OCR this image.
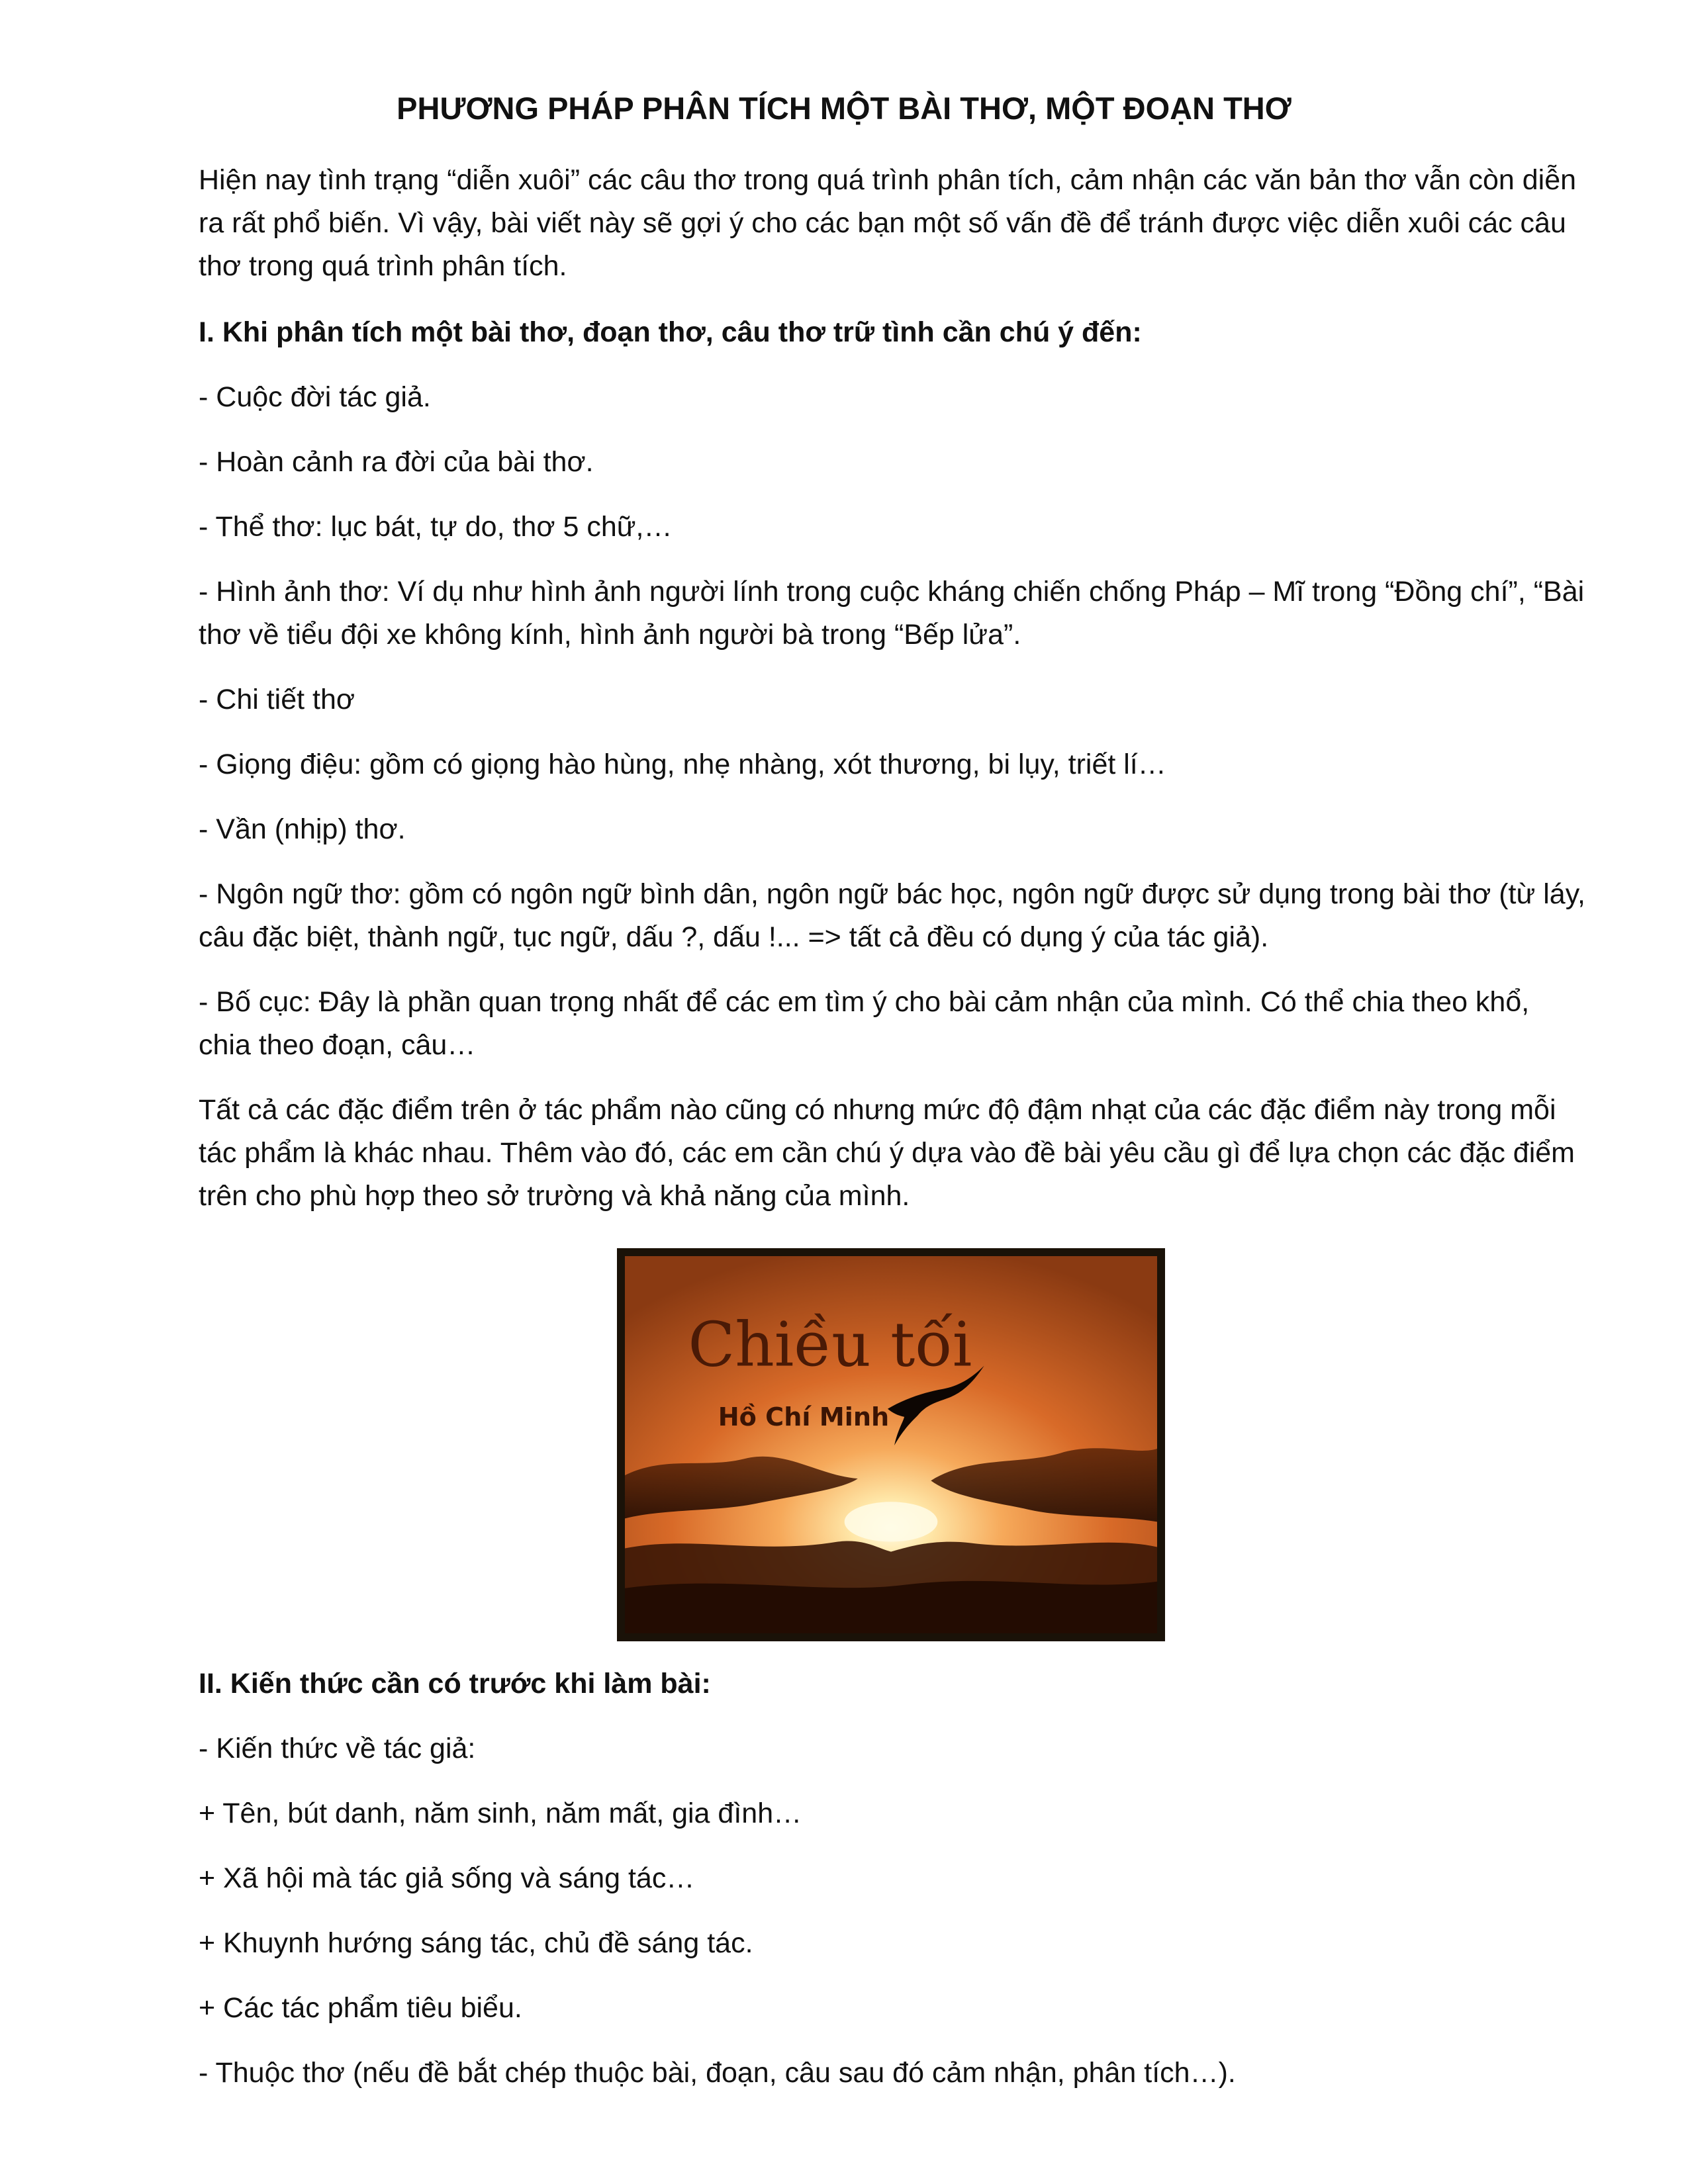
PHƯƠNG PHÁP PHÂN TÍCH MỘT BÀI THƠ, MỘT ĐOẠN THƠ
Hiện nay tình trạng “diễn xuôi” các câu thơ trong quá trình phân tích, cảm nhận các văn bản thơ vẫn còn diễn ra rất phổ biến. Vì vậy, bài viết này sẽ gợi ý cho các bạn một số vấn đề để tránh được việc diễn xuôi các câu thơ trong quá trình phân tích.
I. Khi phân tích một bài thơ, đoạn thơ, câu thơ trữ tình cần chú ý đến:
- Cuộc đời tác giả.
- Hoàn cảnh ra đời của bài thơ.
- Thể thơ: lục bát, tự do, thơ 5 chữ,…
- Hình ảnh thơ: Ví dụ như hình ảnh người lính trong cuộc kháng chiến chống Pháp – Mĩ trong “Đồng chí”, “Bài thơ về tiểu đội xe không kính, hình ảnh người bà trong “Bếp lửa”.
- Chi tiết thơ
- Giọng điệu: gồm có giọng hào hùng, nhẹ nhàng, xót thương, bi lụy, triết lí…
- Vần (nhịp) thơ.
- Ngôn ngữ thơ: gồm có ngôn ngữ bình dân, ngôn ngữ bác học, ngôn ngữ được sử dụng trong bài thơ (từ láy, câu đặc biệt, thành ngữ, tục ngữ, dấu ?, dấu !... => tất cả đều có dụng ý của tác giả).
- Bố cục: Đây là phần quan trọng nhất để các em tìm ý cho bài cảm nhận của mình. Có thể chia theo khổ, chia theo đoạn, câu…
Tất cả các đặc điểm trên ở tác phẩm nào cũng có nhưng mức độ đậm nhạt của các đặc điểm này trong mỗi tác phẩm là khác nhau. Thêm vào đó, các em cần chú ý dựa vào đề bài yêu cầu gì để lựa chọn các đặc điểm trên cho phù hợp theo sở trường và khả năng của mình.
Chiều tối
Hồ Chí Minh
II. Kiến thức cần có trước khi làm bài:
- Kiến thức về tác giả:
+ Tên, bút danh, năm sinh, năm mất, gia đình…
+ Xã hội mà tác giả sống và sáng tác…
+ Khuynh hướng sáng tác, chủ đề sáng tác.
+ Các tác phẩm tiêu biểu.
- Thuộc thơ (nếu đề bắt chép thuộc bài, đoạn, câu sau đó cảm nhận, phân tích…).
